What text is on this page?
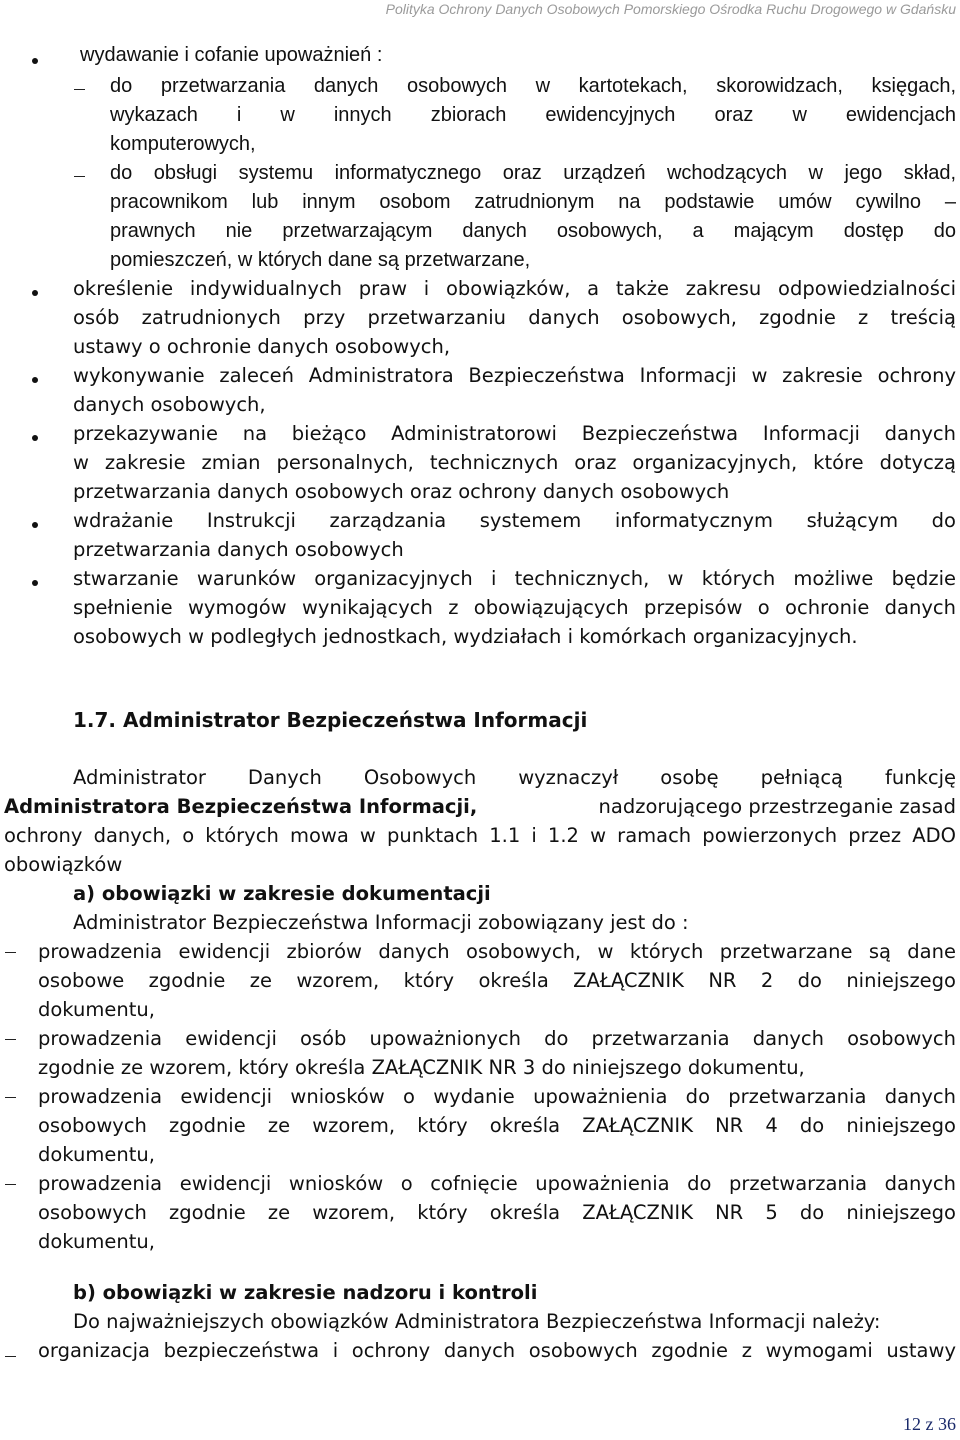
Polityka Ochrony Danych Osobowych Pomorskiego Ośrodka Ruchu Drogowego w Gdańsku
wydawanie i cofanie upoważnień :
do przetwarzania danych osobowych w kartotekach, skorowidzach, księgach,
wykazach i w innych zbiorach ewidencyjnych oraz w ewidencjach
komputerowych,
do obsługi systemu informatycznego oraz urządzeń wchodzących w jego skład,
pracownikom lub innym osobom zatrudnionym na podstawie umów cywilno –
prawnych nie przetwarzającym danych osobowych, a mającym dostęp do
pomieszczeń, w których dane są przetwarzane,
określenie indywidualnych praw i obowiązków, a także zakresu odpowiedzialności
osób zatrudnionych przy przetwarzaniu danych osobowych, zgodnie z treścią
ustawy o ochronie danych osobowych,
wykonywanie zaleceń Administratora Bezpieczeństwa Informacji w zakresie ochrony
danych osobowych,
przekazywanie na bieżąco Administratorowi Bezpieczeństwa Informacji danych
w zakresie zmian personalnych, technicznych oraz organizacyjnych, które dotyczą
przetwarzania danych osobowych oraz ochrony danych osobowych
wdrażanie Instrukcji zarządzania systemem informatycznym służącym do
przetwarzania danych osobowych
stwarzanie warunków organizacyjnych i technicznych, w których możliwe będzie
spełnienie wymogów wynikających z obowiązujących przepisów o ochronie danych
osobowych w podległych jednostkach, wydziałach i komórkach organizacyjnych.
1.7. Administrator Bezpieczeństwa Informacji
Administrator Danych Osobowych wyznaczył osobę pełniącą funkcję
Administratora Bezpieczeństwa Informacji,	nadzorującego przestrzeganie zasad
ochrony danych, o których mowa w punktach 1.1 i 1.2 w ramach powierzonych przez ADO
obowiązków
a) obowiązki w zakresie dokumentacji
Administrator Bezpieczeństwa Informacji zobowiązany jest do :
prowadzenia ewidencji zbiorów danych osobowych, w których przetwarzane są dane
osobowe zgodnie ze wzorem, który określa ZAŁĄCZNIK NR 2 do niniejszego
dokumentu,
prowadzenia ewidencji osób upoważnionych do przetwarzania danych osobowych
zgodnie ze wzorem, który określa ZAŁĄCZNIK NR 3 do niniejszego dokumentu,
prowadzenia ewidencji wniosków o wydanie upoważnienia do przetwarzania danych
osobowych zgodnie ze wzorem, który określa ZAŁĄCZNIK NR 4 do niniejszego
dokumentu,
prowadzenia ewidencji wniosków o cofnięcie upoważnienia do przetwarzania danych
osobowych zgodnie ze wzorem, który określa ZAŁĄCZNIK NR 5 do niniejszego
dokumentu,
b) obowiązki w zakresie nadzoru i kontroli
Do najważniejszych obowiązków Administratora Bezpieczeństwa Informacji należy:
organizacja bezpieczeństwa i ochrony danych osobowych zgodnie z wymogami ustawy
12 z 36
